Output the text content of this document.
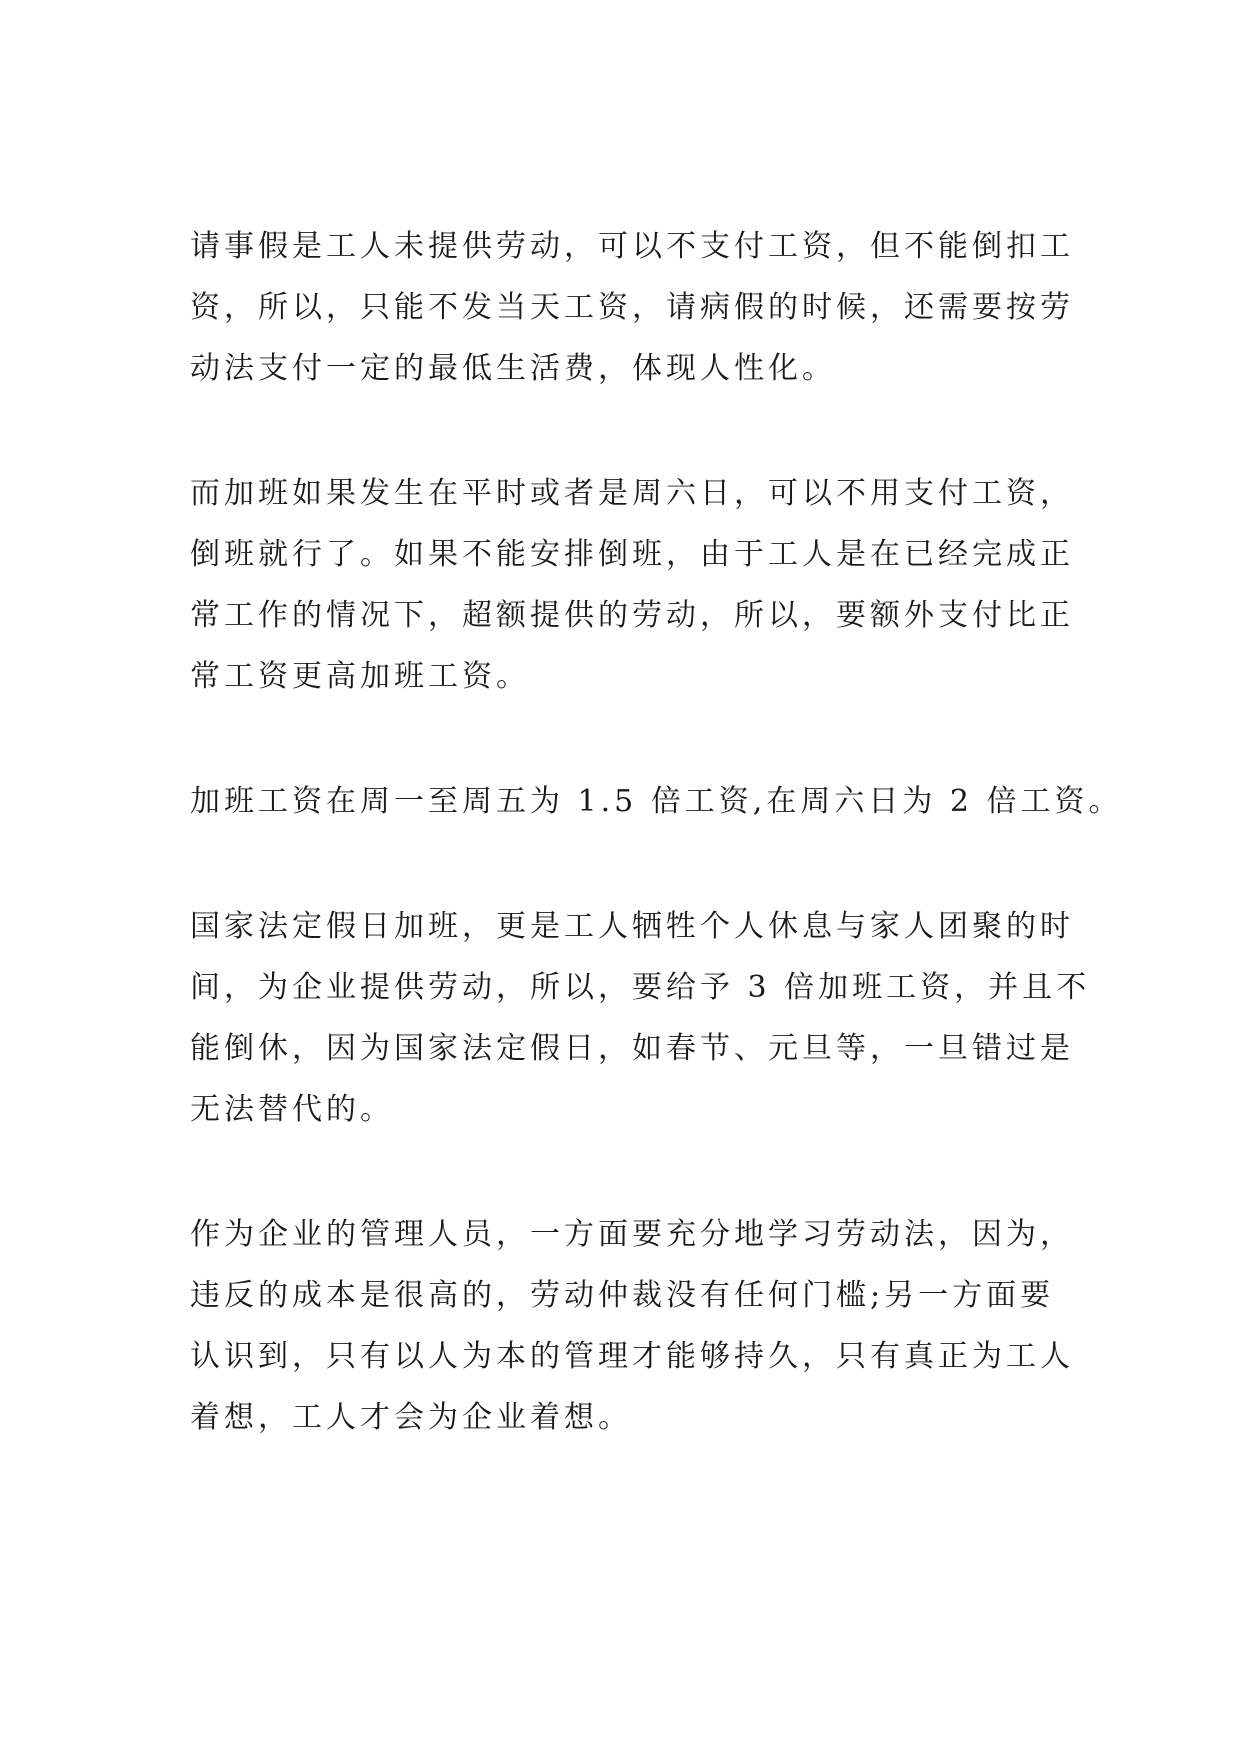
请事假是工人未提供劳动，可以不支付工资，但不能倒扣工
资，所以，只能不发当天工资，请病假的时候，还需要按劳
动法支付一定的最低生活费，体现人性化。
而加班如果发生在平时或者是周六日，可以不用支付工资，
倒班就行了。如果不能安排倒班，由于工人是在已经完成正
常工作的情况下，超额提供的劳动，所以，要额外支付比正
常工资更高加班工资。
加班工资在周一至周五为 1.5 倍工资,在周六日为 2 倍工资。
国家法定假日加班，更是工人牺牲个人休息与家人团聚的时
间，为企业提供劳动，所以，要给予 3 倍加班工资，并且不
能倒休，因为国家法定假日，如春节、元旦等，一旦错过是
无法替代的。
作为企业的管理人员，一方面要充分地学习劳动法，因为，
违反的成本是很高的，劳动仲裁没有任何门槛;另一方面要
认识到，只有以人为本的管理才能够持久，只有真正为工人
着想，工人才会为企业着想。
